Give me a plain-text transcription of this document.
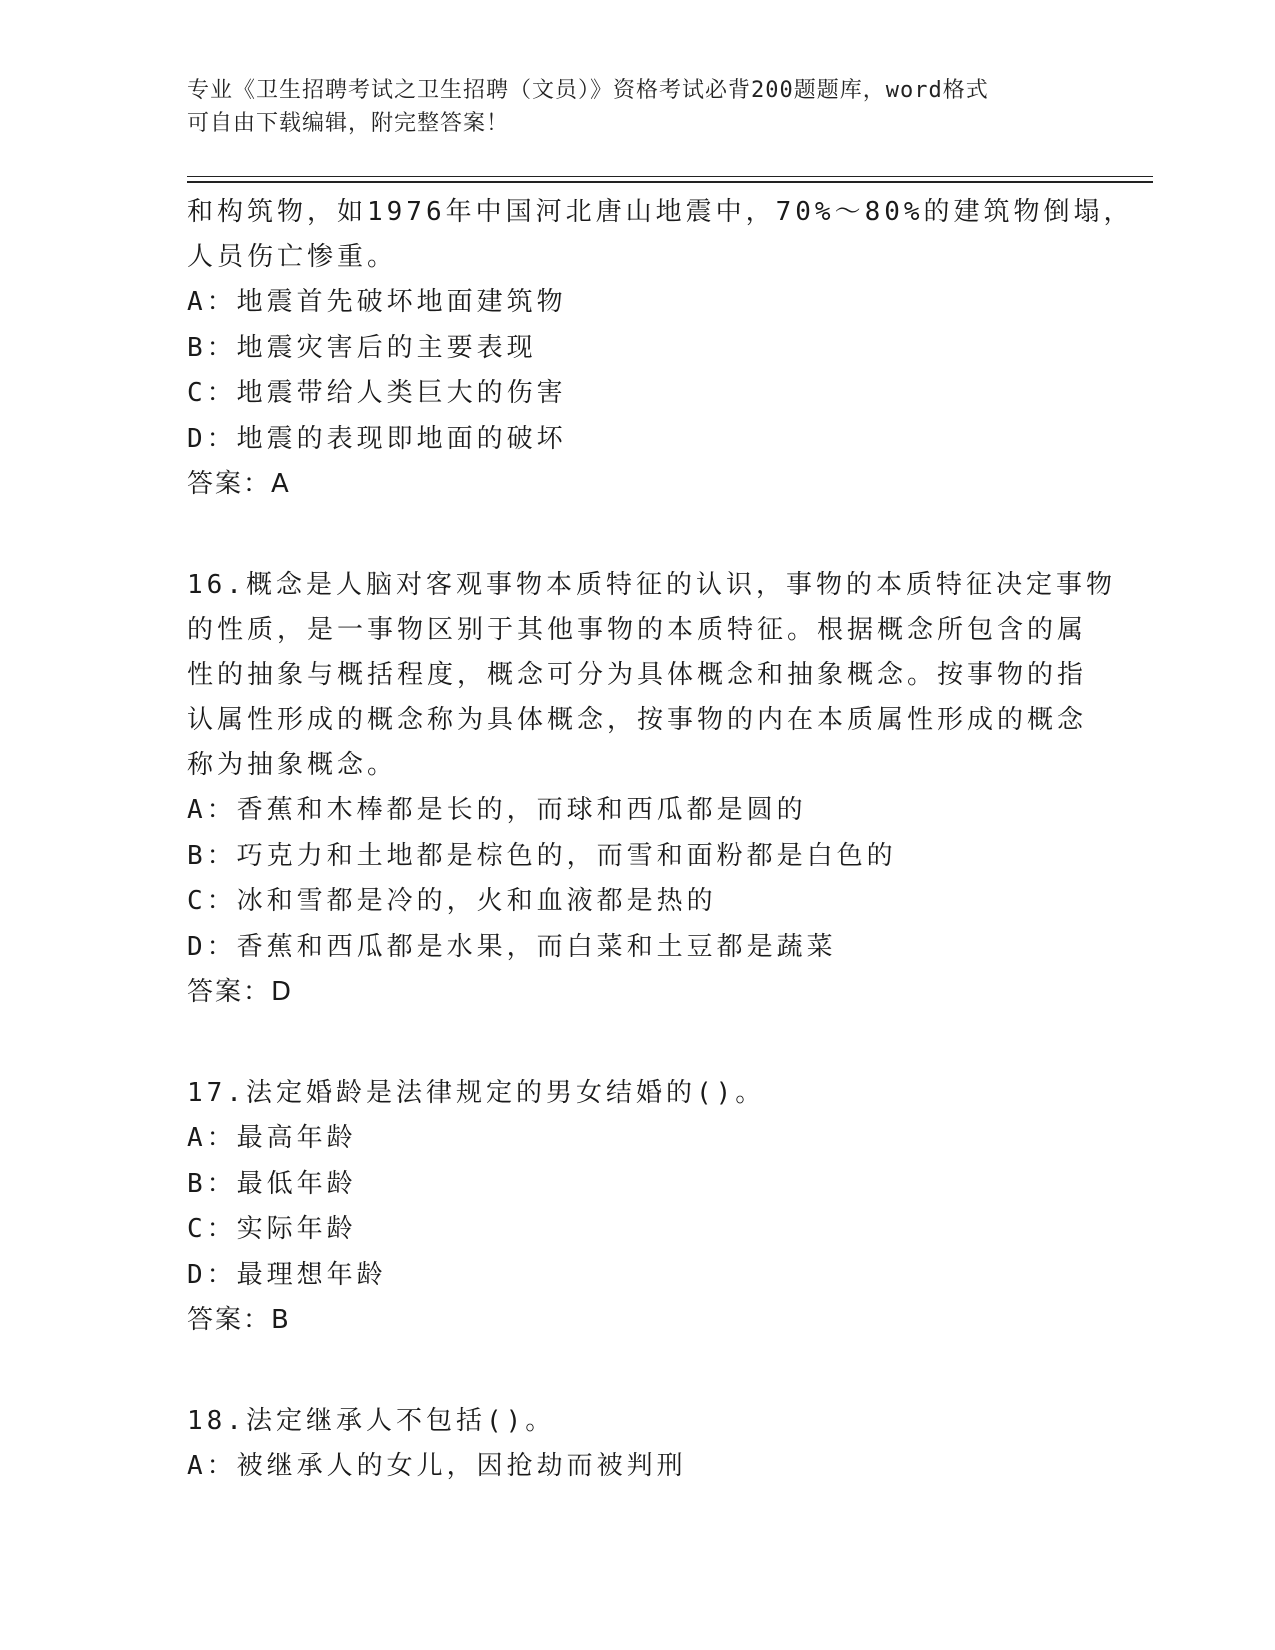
专业《卫生招聘考试之卫生招聘（文员）》资格考试必背200题题库，word格式
可自由下载编辑，附完整答案！
和构筑物，如1976年中国河北唐山地震中，70%～80%的建筑物倒塌，
人员伤亡惨重。
A：地震首先破坏地面建筑物
B：地震灾害后的主要表现
C：地震带给人类巨大的伤害
D：地震的表现即地面的破坏
答案：A
16.概念是人脑对客观事物本质特征的认识，事物的本质特征决定事物
的性质，是一事物区别于其他事物的本质特征。根据概念所包含的属
性的抽象与概括程度，概念可分为具体概念和抽象概念。按事物的指
认属性形成的概念称为具体概念，按事物的内在本质属性形成的概念
称为抽象概念。
A：香蕉和木棒都是长的，而球和西瓜都是圆的
B：巧克力和土地都是棕色的，而雪和面粉都是白色的
C：冰和雪都是冷的，火和血液都是热的
D：香蕉和西瓜都是水果，而白菜和土豆都是蔬菜
答案：D
17.法定婚龄是法律规定的男女结婚的()。
A：最高年龄
B：最低年龄
C：实际年龄
D：最理想年龄
答案：B
18.法定继承人不包括()。
A：被继承人的女儿，因抢劫而被判刑
